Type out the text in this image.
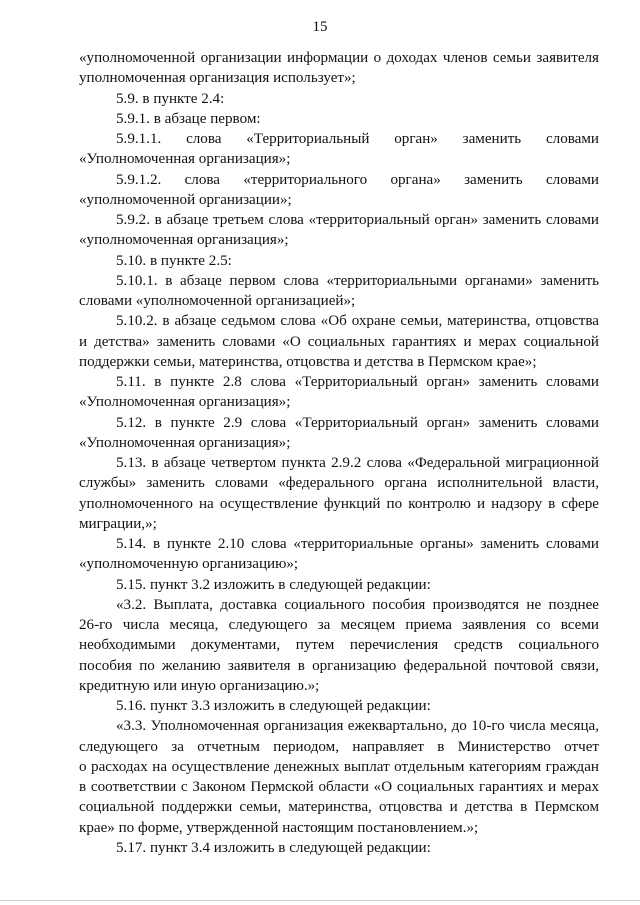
15
«уполномоченной организации информации о доходах членов семьи заявителя
уполномоченная организация использует»;
5.9. в пункте 2.4:
5.9.1. в абзаце первом:
5.9.1.1. слова «Территориальный орган» заменить словами
«Уполномоченная организация»;
5.9.1.2. слова «территориального органа» заменить словами
«уполномоченной организации»;
5.9.2. в абзаце третьем слова «территориальный орган» заменить словами
«уполномоченная организация»;
5.10. в пункте 2.5:
5.10.1. в абзаце первом слова «территориальными органами» заменить
словами «уполномоченной организацией»;
5.10.2. в абзаце седьмом слова «Об охране семьи, материнства, отцовства
и детства» заменить словами «О социальных гарантиях и мерах социальной
поддержки семьи, материнства, отцовства и детства в Пермском крае»;
5.11. в пункте 2.8 слова «Территориальный орган» заменить словами
«Уполномоченная организация»;
5.12. в пункте 2.9 слова «Территориальный орган» заменить словами
«Уполномоченная организация»;
5.13. в абзаце четвертом пункта 2.9.2 слова «Федеральной миграционной
службы» заменить словами «федерального органа исполнительной власти,
уполномоченного на осуществление функций по контролю и надзору в сфере
миграции,»;
5.14. в пункте 2.10 слова «территориальные органы» заменить словами
«уполномоченную организацию»;
5.15. пункт 3.2 изложить в следующей редакции:
«3.2. Выплата, доставка социального пособия производятся не позднее
26-го числа месяца, следующего за месяцем приема заявления со всеми
необходимыми документами, путем перечисления средств социального
пособия по желанию заявителя в организацию федеральной почтовой связи,
кредитную или иную организацию.»;
5.16. пункт 3.3 изложить в следующей редакции:
«3.3. Уполномоченная организация ежеквартально, до 10-го числа месяца,
следующего за отчетным периодом, направляет в Министерство отчет
о расходах на осуществление денежных выплат отдельным категориям граждан
в соответствии с Законом Пермской области «О социальных гарантиях и мерах
социальной поддержки семьи, материнства, отцовства и детства в Пермском
крае» по форме, утвержденной настоящим постановлением.»;
5.17. пункт 3.4 изложить в следующей редакции:
